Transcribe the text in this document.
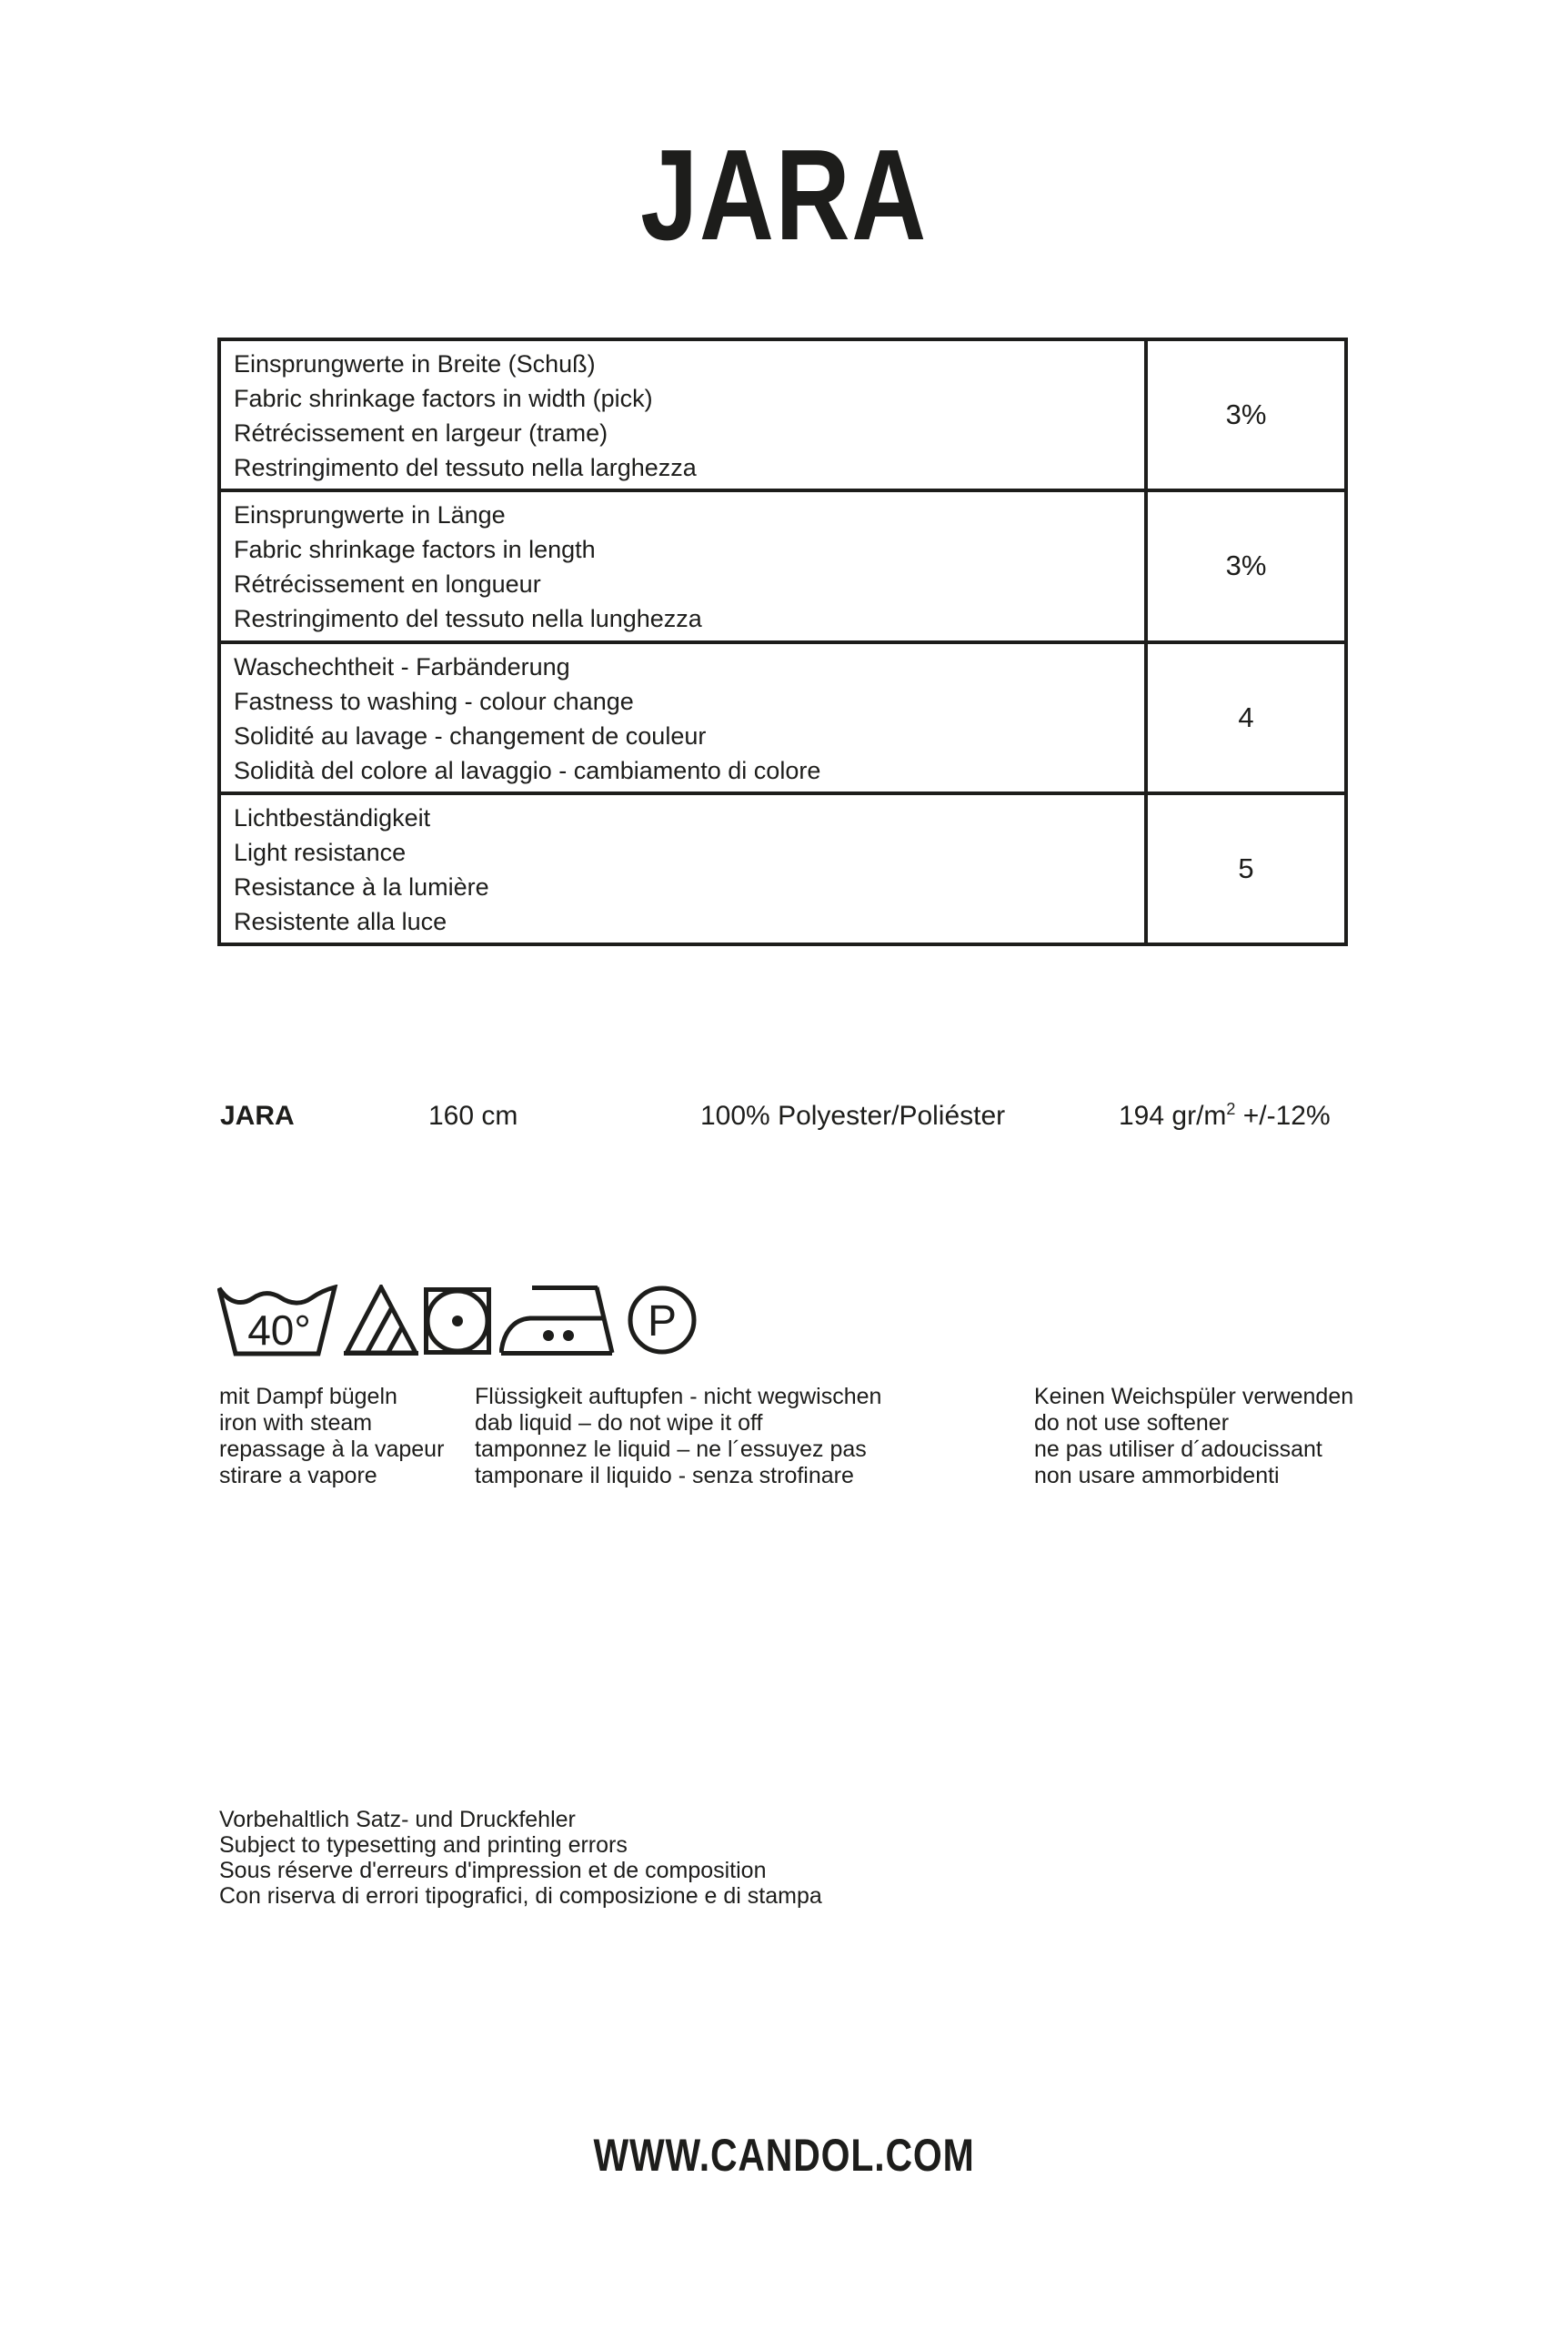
JARA
Einsprungwerte in Breite (Schuß)
Fabric shrinkage factors in width (pick)
Rétrécissement en largeur (trame)
Restringimento del tessuto nella larghezza
3%
Einsprungwerte in Länge
Fabric shrinkage factors in length
Rétrécissement en longueur
Restringimento del tessuto nella lunghezza
3%
Waschechtheit - Farbänderung
Fastness to washing - colour change
Solidité au lavage - changement de couleur
Solidità del colore al lavaggio - cambiamento di colore
4
Lichtbeständigkeit
Light resistance
Resistance à la lumière
Resistente alla luce
5
JARA	160 cm	100% Polyester/Poliéster	194 $gr/m^2 +/-12\%$
40°	P
mit Dampf bügeln
iron with steam
repassage à la vapeur
stirare a vapore
Flüssigkeit auftupfen - nicht wegwischen
dab liquid – do not wipe it off
tamponnez le liquid – ne l´essuyez pas
tamponare il liquido - senza strofinare
Keinen Weichspüler verwenden
do not use softener
ne pas utiliser d´adoucissant
non usare ammorbidenti
Vorbehaltlich Satz- und Druckfehler
Subject to typesetting and printing errors
Sous réserve d'erreurs d'impression et de composition
Con riserva di errori tipografici, di composizione e di stampa
WWW.CANDOL.COM
